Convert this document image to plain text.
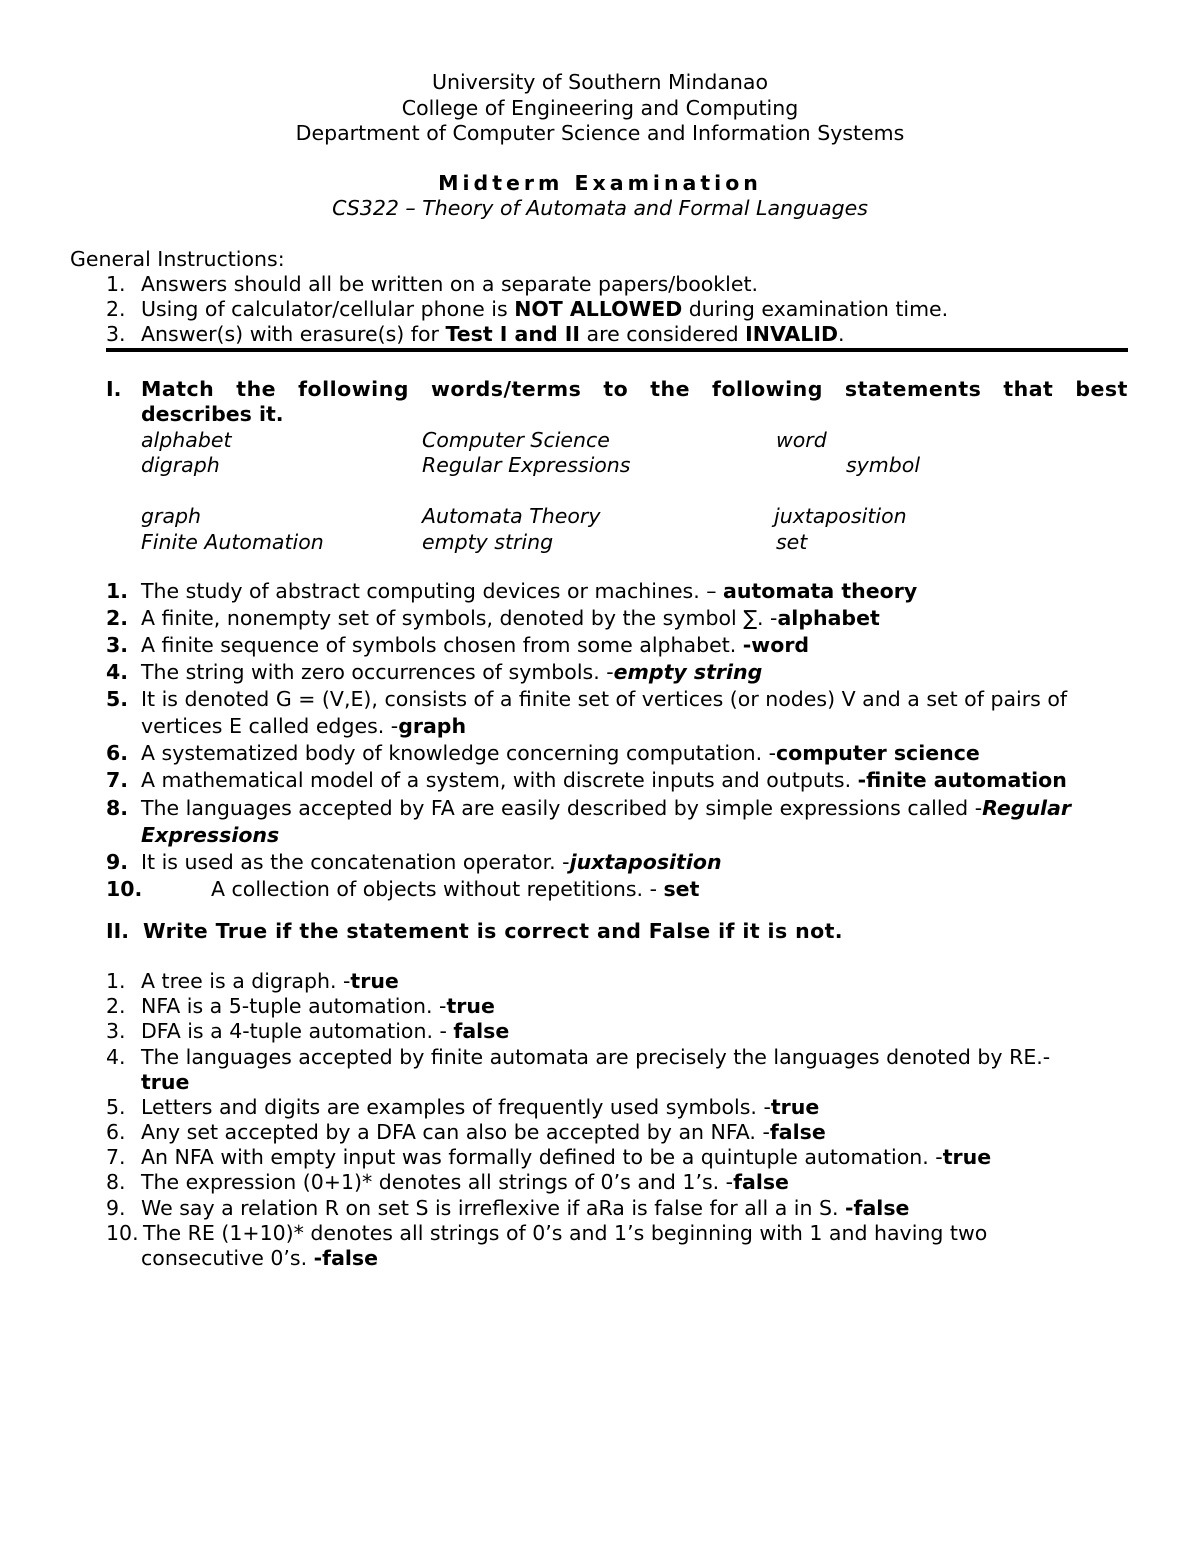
University of Southern Mindanao
College of Engineering and Computing
Department of Computer Science and Information Systems
Midterm Examination
CS322 – Theory of Automata and Formal Languages
General Instructions:
1. Answers should all be written on a separate papers/booklet.
2. Using of calculator/cellular phone is NOT ALLOWED during examination time.
3. Answer(s) with erasure(s) for Test I and II are considered INVALID.
I. Match the following words/terms to the following statements that best
describes it.
alphabet	Computer Science	word
digraph	Regular Expressions	symbol
graph	Automata Theory	juxtaposition
Finite Automation	empty string	set
1. The study of abstract computing devices or machines. – automata theory
2. A finite, nonempty set of symbols, denoted by the symbol ∑. -alphabet
3. A finite sequence of symbols chosen from some alphabet. -word
4. The string with zero occurrences of symbols. -empty string
5. It is denoted G = (V,E), consists of a finite set of vertices (or nodes) V and a set of pairs of
vertices E called edges. -graph
6. A systematized body of knowledge concerning computation. -computer science
7. A mathematical model of a system, with discrete inputs and outputs. -finite automation
8. The languages accepted by FA are easily described by simple expressions called -Regular
Expressions
9. It is used as the concatenation operator. -juxtaposition
10.	A collection of objects without repetitions. - set
II. Write True if the statement is correct and False if it is not.
1. A tree is a digraph. -true
2. NFA is a 5-tuple automation. -true
3. DFA is a 4-tuple automation. - false
4. The languages accepted by finite automata are precisely the languages denoted by RE.-
true
5. Letters and digits are examples of frequently used symbols. -true
6. Any set accepted by a DFA can also be accepted by an NFA. -false
7. An NFA with empty input was formally defined to be a quintuple automation. -true
8. The expression (0+1)* denotes all strings of 0’s and 1’s. -false
9. We say a relation R on set S is irreflexive if aRa is false for all a in S. -false
10. The RE (1+10)* denotes all strings of 0’s and 1’s beginning with 1 and having two
consecutive 0’s. -false
